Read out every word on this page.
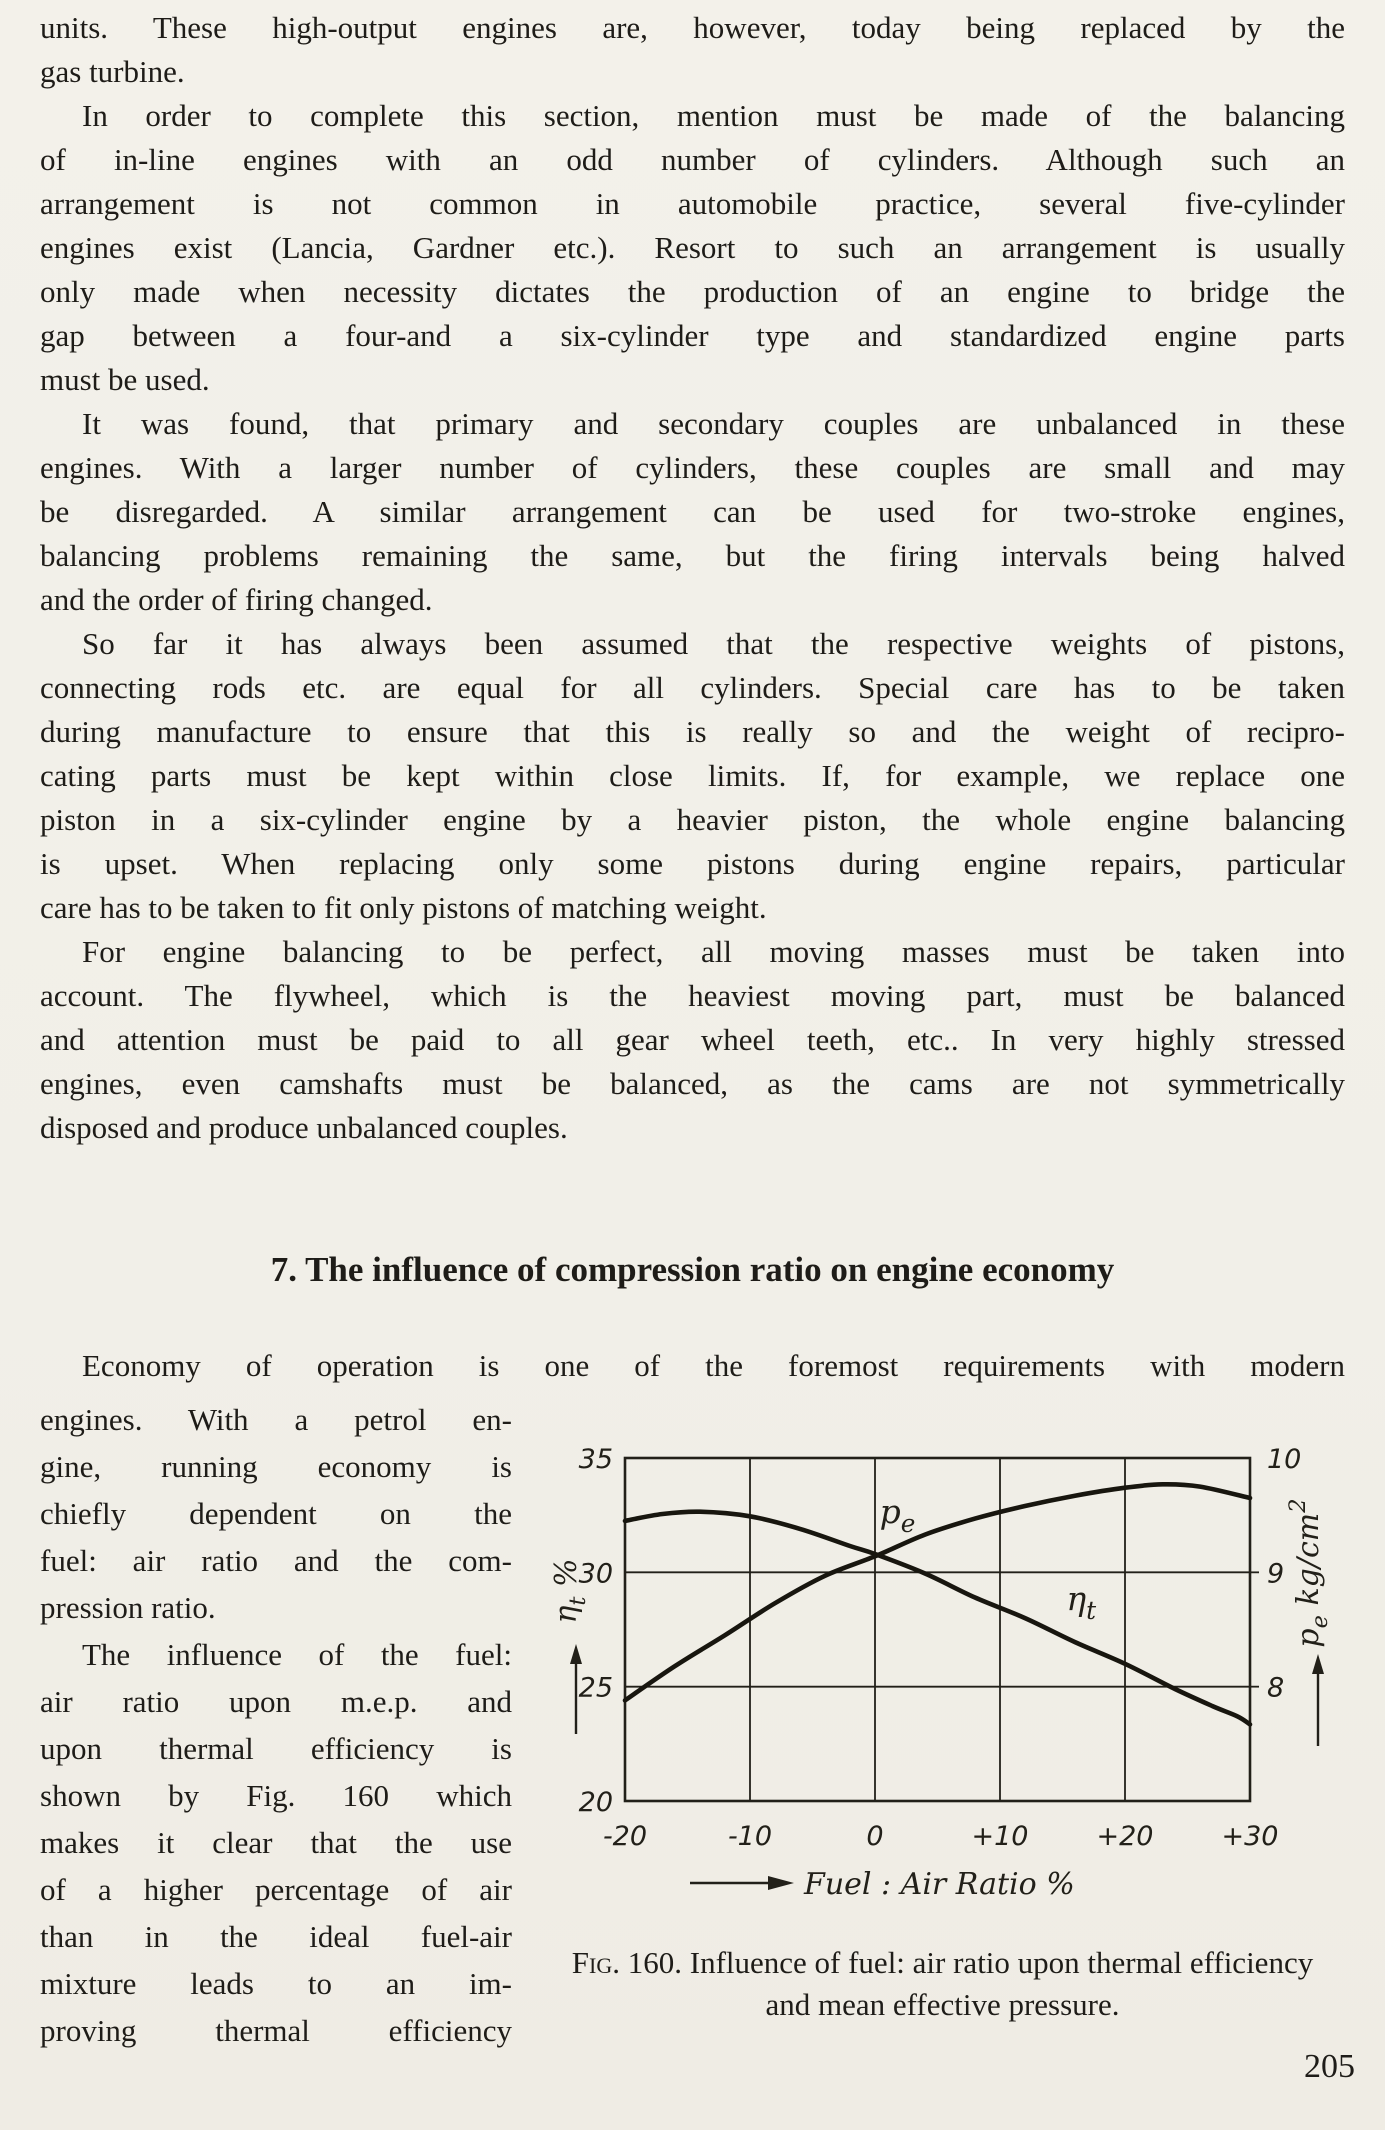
units. These high-output engines are, however, today being replaced by the
gas turbine.
In order to complete this section, mention must be made of the balancing
of in-line engines with an odd number of cylinders. Although such an
arrangement is not common in automobile practice, several five-cylinder
engines exist (Lancia, Gardner etc.). Resort to such an arrangement is usually
only made when necessity dictates the production of an engine to bridge the
gap between a four-and a six-cylinder type and standardized engine parts
must be used.
It was found, that primary and secondary couples are unbalanced in these
engines. With a larger number of cylinders, these couples are small and may
be disregarded. A similar arrangement can be used for two-stroke engines,
balancing problems remaining the same, but the firing intervals being halved
and the order of firing changed.
So far it has always been assumed that the respective weights of pistons,
connecting rods etc. are equal for all cylinders. Special care has to be taken
during manufacture to ensure that this is really so and the weight of recipro-
cating parts must be kept within close limits. If, for example, we replace one
piston in a six-cylinder engine by a heavier piston, the whole engine balancing
is upset. When replacing only some pistons during engine repairs, particular
care has to be taken to fit only pistons of matching weight.
For engine balancing to be perfect, all moving masses must be taken into
account. The flywheel, which is the heaviest moving part, must be balanced
and attention must be paid to all gear wheel teeth, etc.. In very highly stressed
engines, even camshafts must be balanced, as the cams are not symmetrically
disposed and produce unbalanced couples.
7. The influence of compression ratio on engine economy
Economy of operation is one of the foremost requirements with modern
engines. With a petrol en-
gine, running economy is
chiefly dependent on the
fuel: air ratio and the com-
pression ratio.
The influence of the fuel:
air ratio upon m.e.p. and
upon thermal efficiency is
shown by Fig. 160 which
makes it clear that the use
of a higher percentage of air
than in the ideal fuel-air
mixture leads to an im-
proving thermal efficiency
35
30
25
20
10
9
8
-20	-10	0	+10	+20	+30
$\eta_t$
$p_e$
$\eta_t$ %
$p_e$ $kg/cm^2$
Fuel : Air Ratio %
Fig. 160. Influence of fuel: air ratio upon thermal efficiency and mean effective pressure.
205
